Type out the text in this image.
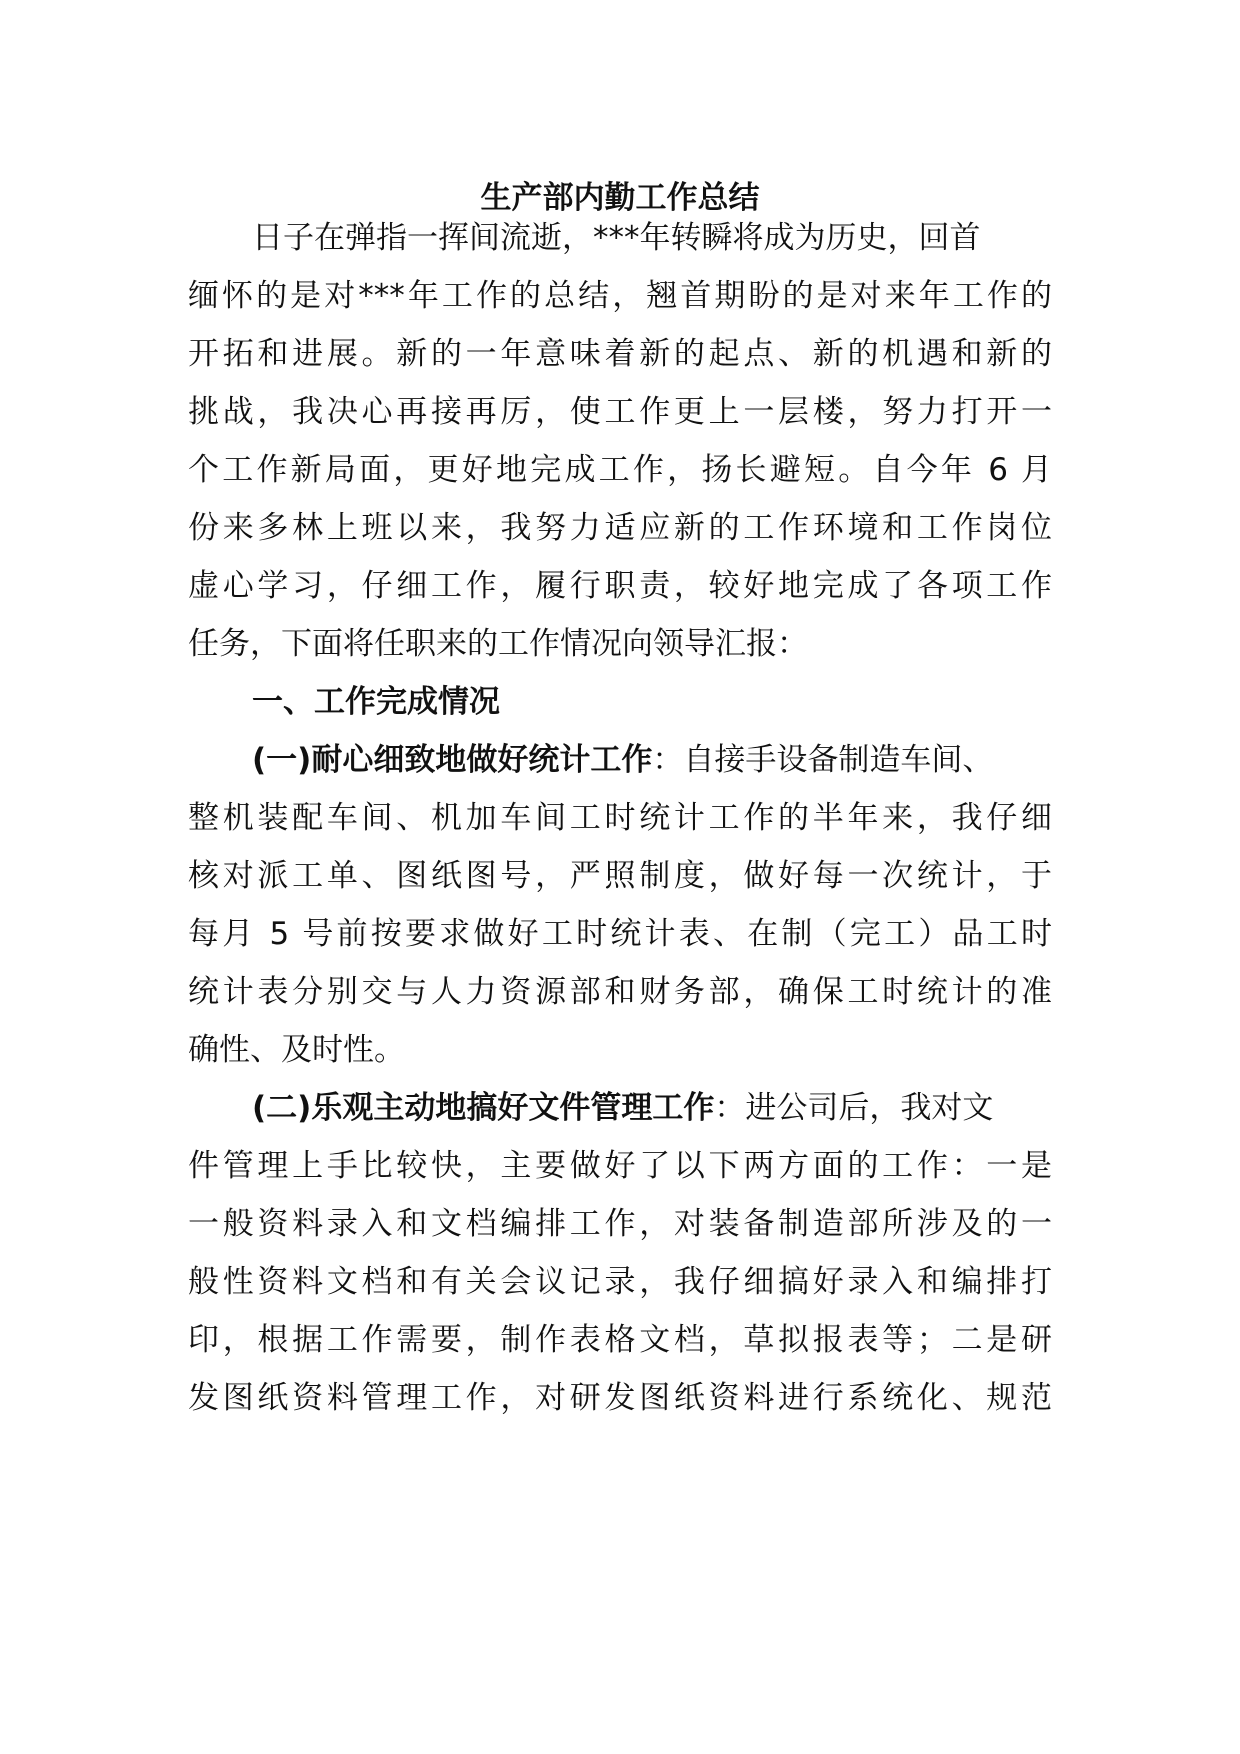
生产部内勤工作总结
日子在弹指一挥间流逝，***年转瞬将成为历史，回首
缅怀的是对***年工作的总结，翘首期盼的是对来年工作的
开拓和进展。新的一年意味着新的起点、新的机遇和新的
挑战，我决心再接再厉，使工作更上一层楼，努力打开一
个工作新局面，更好地完成工作，扬长避短。自今年 6 月
份来多林上班以来，我努力适应新的工作环境和工作岗位
虚心学习，仔细工作，履行职责，较好地完成了各项工作
任务，下面将任职来的工作情况向领导汇报：
一、工作完成情况
(一)耐心细致地做好统计工作：自接手设备制造车间、
整机装配车间、机加车间工时统计工作的半年来，我仔细
核对派工单、图纸图号，严照制度，做好每一次统计，于
每月 5 号前按要求做好工时统计表、在制（完工）品工时
统计表分别交与人力资源部和财务部，确保工时统计的准
确性、及时性。
(二)乐观主动地搞好文件管理工作：进公司后，我对文
件管理上手比较快，主要做好了以下两方面的工作：一是
一般资料录入和文档编排工作，对装备制造部所涉及的一
般性资料文档和有关会议记录，我仔细搞好录入和编排打
印，根据工作需要，制作表格文档，草拟报表等；二是研
发图纸资料管理工作，对研发图纸资料进行系统化、规范
